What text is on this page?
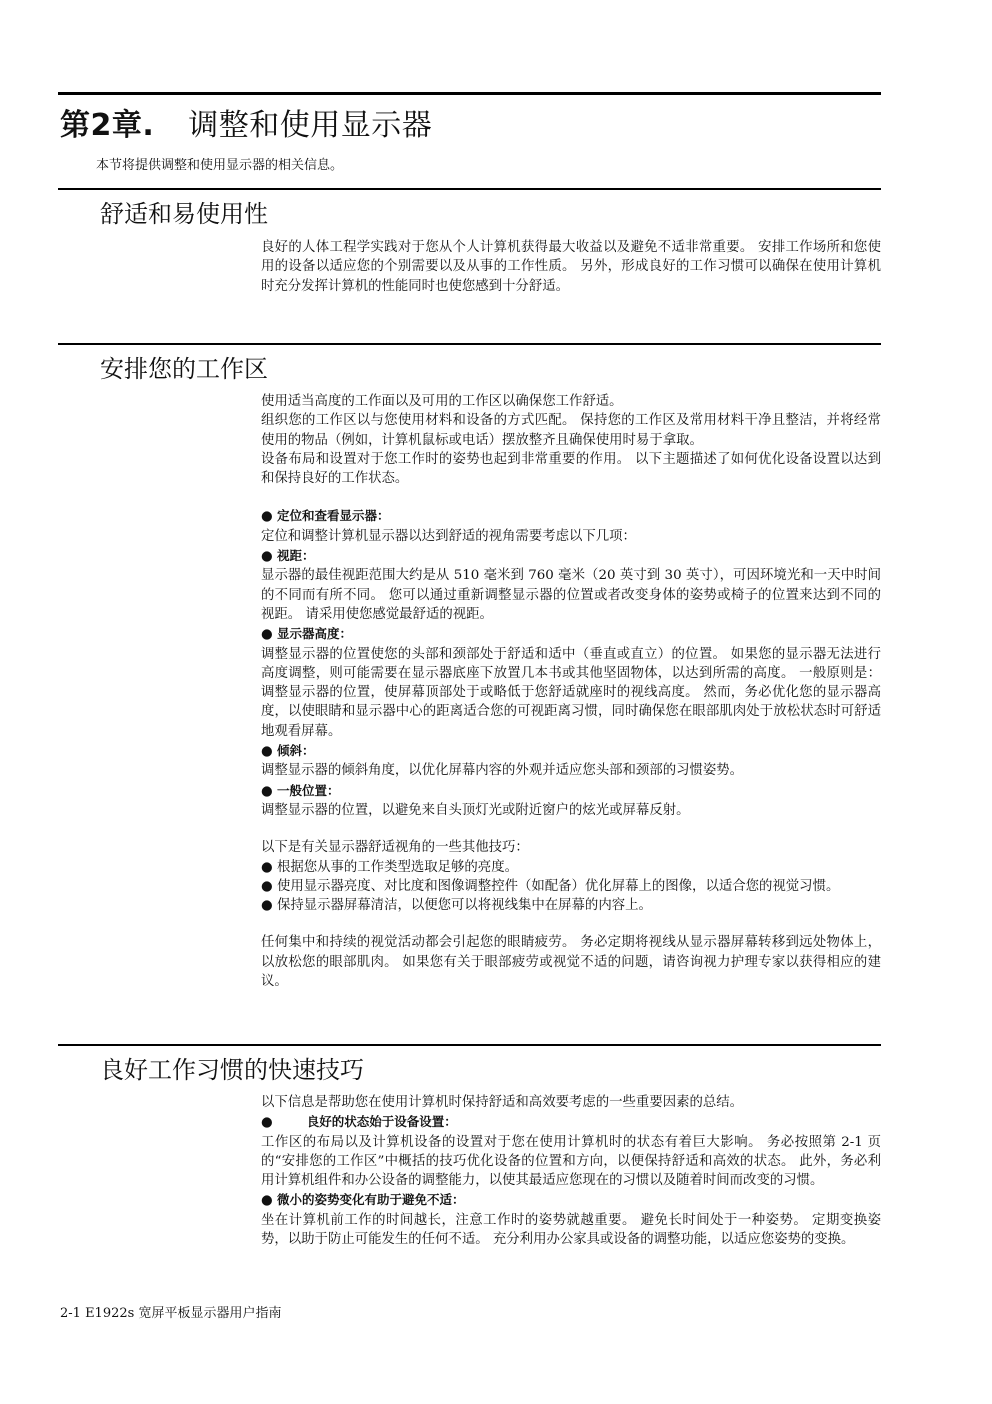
第2章. 调整和使用显示器

本节将提供调整和使用显示器的相关信息。

舒适和易使用性

良好的人体工程学实践对于您从个人计算机获得最大收益以及避免不适非常重要。 安排工作场所和您使用的设备以适应您的个别需要以及从事的工作性质。 另外，形成良好的工作习惯可以确保在使用计算机时充分发挥计算机的性能同时也使您感到十分舒适。

安排您的工作区

使用适当高度的工作面以及可用的工作区以确保您工作舒适。

组织您的工作区以与您使用材料和设备的方式匹配。 保持您的工作区及常用材料干净且整洁，并将经常使用的物品（例如，计算机鼠标或电话）摆放整齐且确保使用时易于拿取。

设备布局和设置对于您工作时的姿势也起到非常重要的作用。 以下主题描述了如何优化设备设置以达到和保持良好的工作状态。

● 定位和查看显示器：

定位和调整计算机显示器以达到舒适的视角需要考虑以下几项：

● 视距：

显示器的最佳视距范围大约是从 510 毫米到 760 毫米（20 英寸到 30 英寸），可因环境光和一天中时间的不同而有所不同。 您可以通过重新调整显示器的位置或者改变身体的姿势或椅子的位置来达到不同的视距。 请采用使您感觉最舒适的视距。

● 显示器高度：

调整显示器的位置使您的头部和颈部处于舒适和适中（垂直或直立）的位置。 如果您的显示器无法进行高度调整，则可能需要在显示器底座下放置几本书或其他坚固物体，以达到所需的高度。 一般原则是：调整显示器的位置，使屏幕顶部处于或略低于您舒适就座时的视线高度。 然而，务必优化您的显示器高度，以使眼睛和显示器中心的距离适合您的可视距离习惯，同时确保您在眼部肌肉处于放松状态时可舒适地观看屏幕。

● 倾斜：

调整显示器的倾斜角度，以优化屏幕内容的外观并适应您头部和颈部的习惯姿势。

● 一般位置：

调整显示器的位置，以避免来自头顶灯光或附近窗户的炫光或屏幕反射。

以下是有关显示器舒适视角的一些其他技巧：

● 根据您从事的工作类型选取足够的亮度。

● 使用显示器亮度、对比度和图像调整控件（如配备）优化屏幕上的图像，以适合您的视觉习惯。

● 保持显示器屏幕清洁，以便您可以将视线集中在屏幕的内容上。

任何集中和持续的视觉活动都会引起您的眼睛疲劳。 务必定期将视线从显示器屏幕转移到远处物体上，以放松您的眼部肌肉。 如果您有关于眼部疲劳或视觉不适的问题，请咨询视力护理专家以获得相应的建议。

良好工作习惯的快速技巧

以下信息是帮助您在使用计算机时保持舒适和高效要考虑的一些重要因素的总结。

●        良好的状态始于设备设置：

工作区的布局以及计算机设备的设置对于您在使用计算机时的状态有着巨大影响。 务必按照第 2-1 页的“安排您的工作区”中概括的技巧优化设备的位置和方向，以便保持舒适和高效的状态。 此外，务必利用计算机组件和办公设备的调整能力，以使其最适应您现在的习惯以及随着时间而改变的习惯。

● 微小的姿势变化有助于避免不适：

坐在计算机前工作的时间越长，注意工作时的姿势就越重要。 避免长时间处于一种姿势。 定期变换姿势，以助于防止可能发生的任何不适。 充分利用办公家具或设备的调整功能，以适应您姿势的变换。

2-1 E1922s 宽屏平板显示器用户指南
